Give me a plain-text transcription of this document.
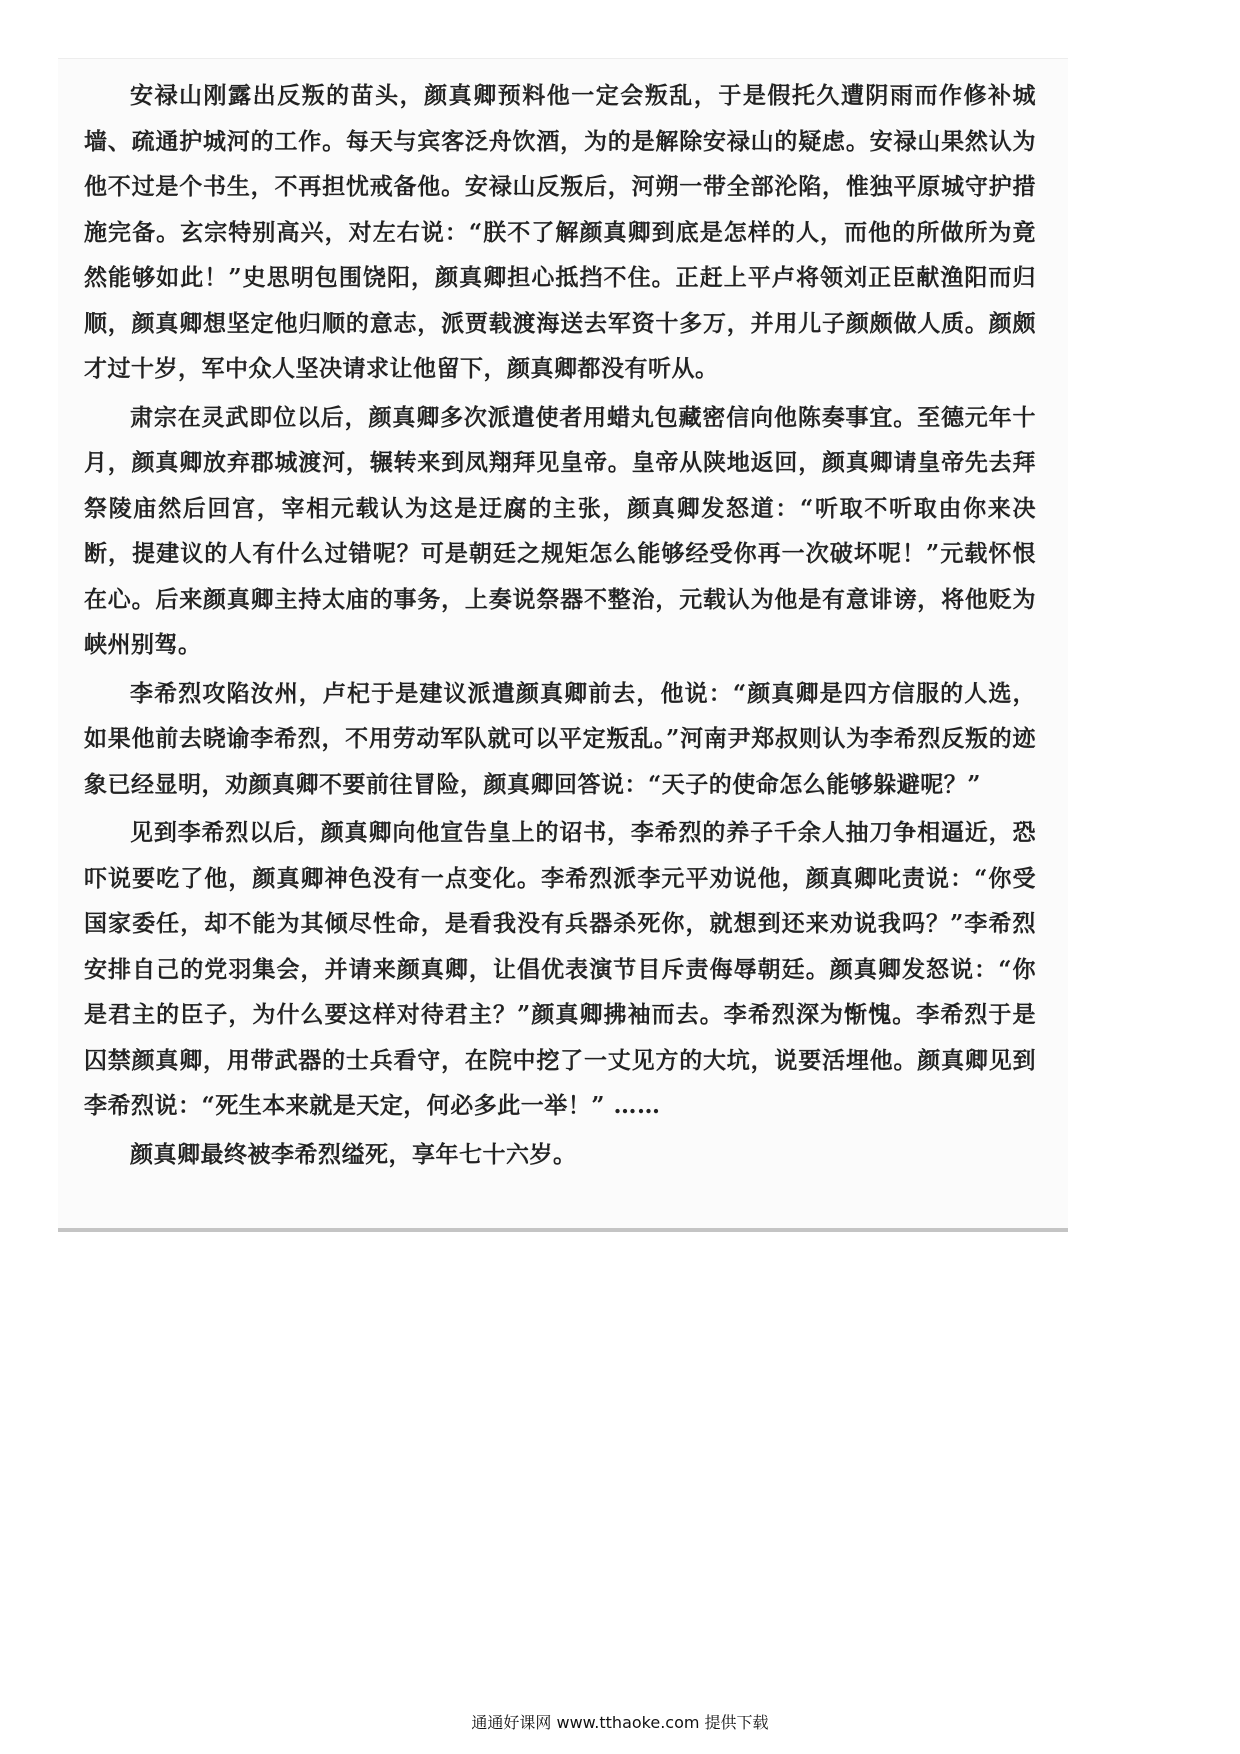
安禄山刚露出反叛的苗头，颜真卿预料他一定会叛乱，于是假托久遭阴雨而作修补城墙、疏通护城河的工作。每天与宾客泛舟饮酒，为的是解除安禄山的疑虑。安禄山果然认为他不过是个书生，不再担忧戒备他。安禄山反叛后，河朔一带全部沦陷，惟独平原城守护措施完备。玄宗特别高兴，对左右说：“朕不了解颜真卿到底是怎样的人，而他的所做所为竟然能够如此！”史思明包围饶阳，颜真卿担心抵挡不住。正赶上平卢将领刘正臣献渔阳而归顺，颜真卿想坚定他归顺的意志，派贾载渡海送去军资十多万，并用儿子颜颇做人质。颜颇才过十岁，军中众人坚决请求让他留下，颜真卿都没有听从。

肃宗在灵武即位以后，颜真卿多次派遣使者用蜡丸包藏密信向他陈奏事宜。至德元年十月，颜真卿放弃郡城渡河，辗转来到凤翔拜见皇帝。皇帝从陕地返回，颜真卿请皇帝先去拜祭陵庙然后回宫，宰相元载认为这是迂腐的主张，颜真卿发怒道：“听取不听取由你来决断，提建议的人有什么过错呢？可是朝廷之规矩怎么能够经受你再一次破坏呢！”元载怀恨在心。后来颜真卿主持太庙的事务，上奏说祭器不整治，元载认为他是有意诽谤，将他贬为峡州别驾。

李希烈攻陷汝州，卢杞于是建议派遣颜真卿前去，他说：“颜真卿是四方信服的人选，如果他前去晓谕李希烈，不用劳动军队就可以平定叛乱。”河南尹郑叔则认为李希烈反叛的迹象已经显明，劝颜真卿不要前往冒险，颜真卿回答说：“天子的使命怎么能够躲避呢？”

见到李希烈以后，颜真卿向他宣告皇上的诏书，李希烈的养子千余人抽刀争相逼近，恐吓说要吃了他，颜真卿神色没有一点变化。李希烈派李元平劝说他，颜真卿叱责说：“你受国家委任，却不能为其倾尽性命，是看我没有兵器杀死你，就想到还来劝说我吗？”李希烈安排自己的党羽集会，并请来颜真卿，让倡优表演节目斥责侮辱朝廷。颜真卿发怒说：“你是君主的臣子，为什么要这样对待君主？”颜真卿拂袖而去。李希烈深为惭愧。李希烈于是囚禁颜真卿，用带武器的士兵看守，在院中挖了一丈见方的大坑，说要活埋他。颜真卿见到李希烈说：“死生本来就是天定，何必多此一举！” ……

颜真卿最终被李希烈缢死，享年七十六岁。

通通好课网 www.tthaoke.com 提供下载
